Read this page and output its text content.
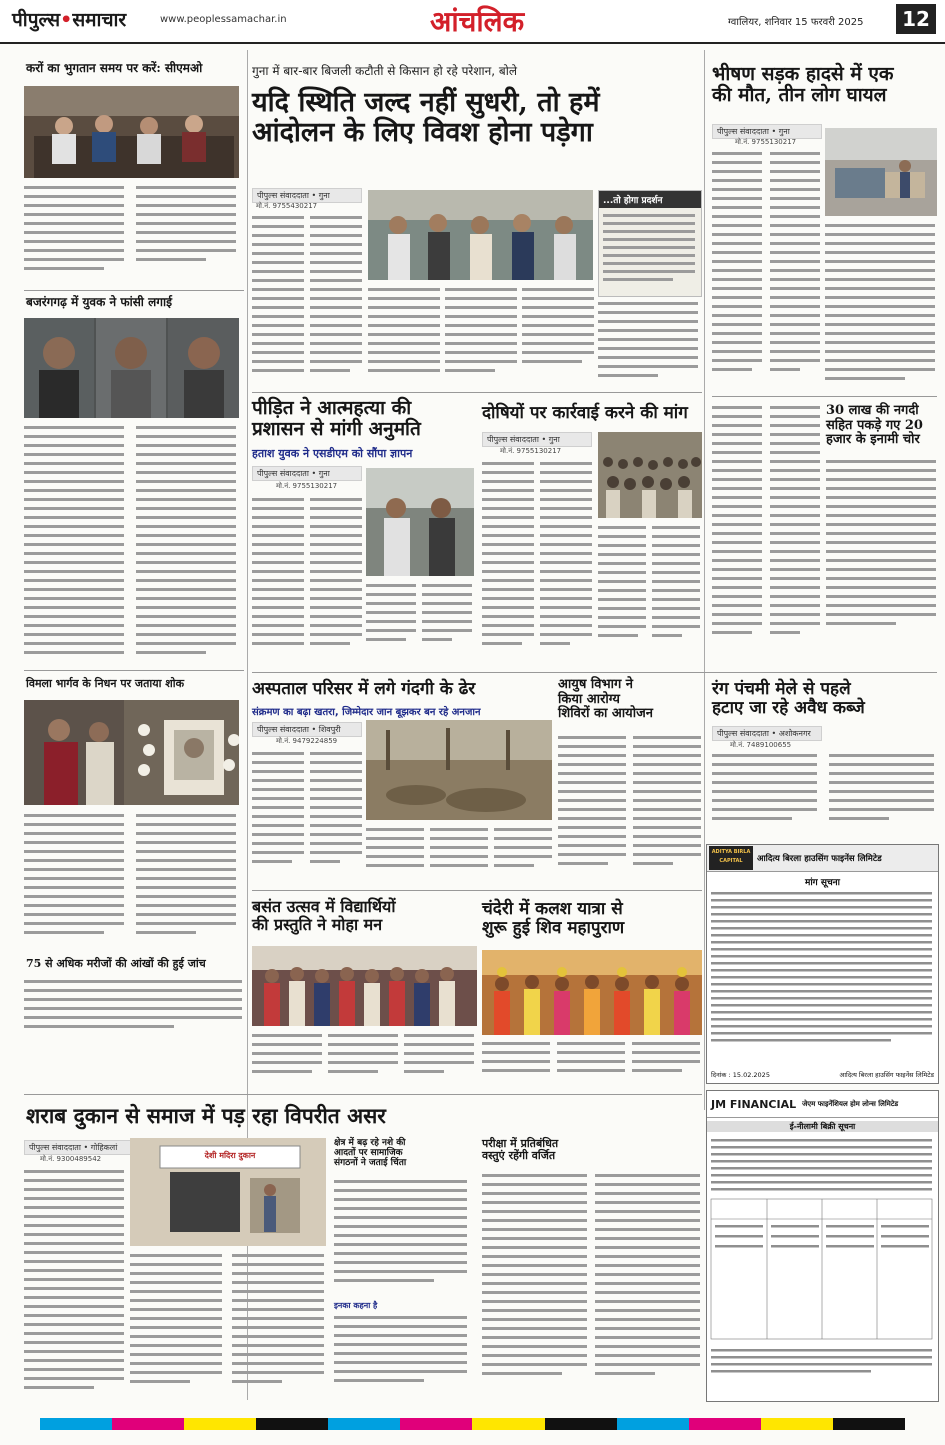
पीपुल्स•समाचार	www.peoplessamachar.in	आंचलिक	ग्वालियर, शनिवार 15 फरवरी 2025	12
करों का भुगतान समय पर करें: सीएमओ	गुना में बार-बार बिजली कटौती से किसान हो रहे परेशान, बोले
यदि स्थिति जल्द नहीं सुधरी, तो हमें
आंदोलन के लिए विवश होना पड़ेगा
पीपुल्स संवाददाता • गुना
मो.नं. 9755430217	...तो होगा प्रदर्शन
भीषण सड़क हादसे में एक
की मौत, तीन लोग घायल
पीपुल्स संवाददाता • गुना
मो.नं. 9755130217
बजरंगगढ़ में युवक ने फांसी लगाई
पीड़ित ने आत्महत्या की
प्रशासन से मांगी अनुमति
हताश युवक ने एसडीएम को सौंपा ज्ञापन
पीपुल्स संवाददाता • गुना
मो.नं. 9755130217
दोषियों पर कार्रवाई करने की मांग
पीपुल्स संवाददाता • गुना
मो.नं. 9755130217
30 लाख की नगदी
सहित पकड़े गए 20
हजार के इनामी चोर
विमला भार्गव के निधन पर जताया शोक
75 से अधिक मरीजों की आंखों की हुई जांच
अस्पताल परिसर में लगे गंदगी के ढेर
संक्रमण का बढ़ा खतरा, जिम्मेदार जान बूझकर बन रहे अनजान
पीपुल्स संवाददाता • शिवपुरी
मो.नं. 9479224859
आयुष विभाग ने
किया आरोग्य
शिविरों का आयोजन
रंग पंचमी मेले से पहले
हटाए जा रहे अवैध कब्जे
पीपुल्स संवाददाता • अशोकनगर
मो.नं. 7489100655
ADITYA BIRLA
CAPITAL	आदित्य बिरला हाउसिंग फाइनेंस लिमिटेड
मांग सूचना
दिनांक : 15.02.2025	आदित्य बिरला हाउसिंग फाइनेंस लिमिटेड
बसंत उत्सव में विद्यार्थियों
की प्रस्तुति ने मोहा मन
चंदेरी में कलश यात्रा से
शुरू हुई शिव महापुराण
शराब दुकान से समाज में पड़ रहा विपरीत असर
पीपुल्स संवाददाता • गोहिकलां
मो.नं. 9300489542	देशी मदिरा दुकान
क्षेत्र में बढ़ रहे नशे की
आदतों पर सामाजिक
संगठनों ने जताई चिंता
इनका कहना है
परीक्षा में प्रतिबंधित
वस्तुएं रहेंगी वर्जित
JM FINANCIAL जेएम फाइनेंशियल होम लोन्स लिमिटेड
ई-नीलामी बिक्री सूचना
